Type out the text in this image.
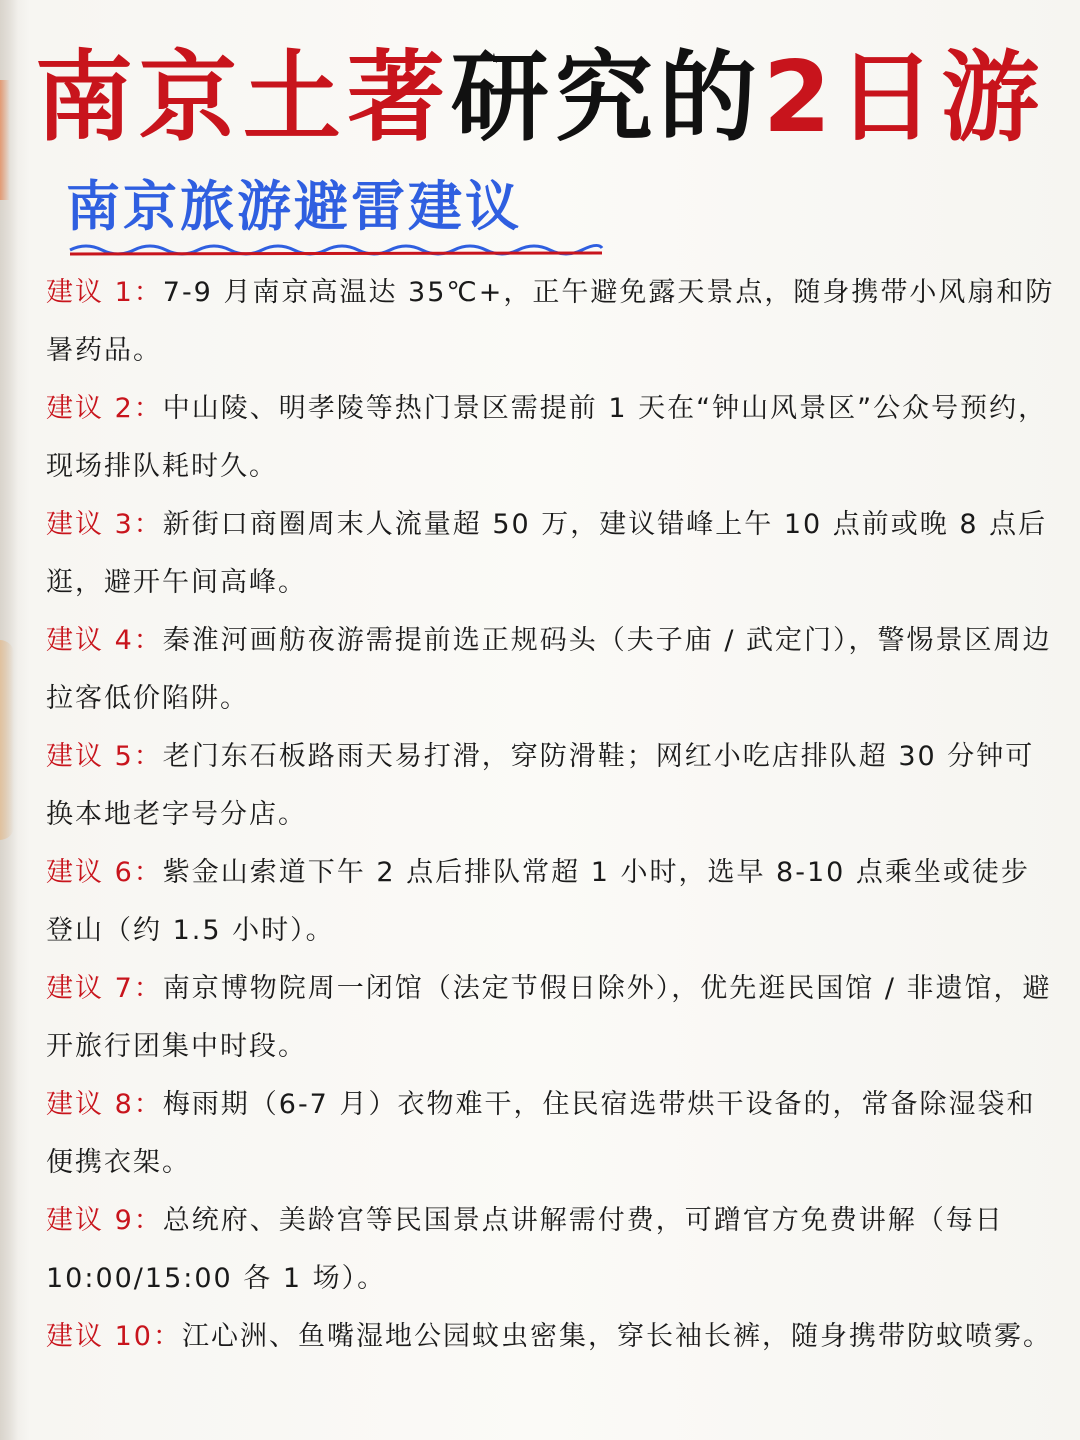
南京土著研究的2日游
南京旅游避雷建议
建议 1：7-9 月南京高温达 35℃+，正午避免露天景点，随身携带小风扇和防暑药品。
建议 2：中山陵、明孝陵等热门景区需提前 1 天在“钟山风景区”公众号预约，现场排队耗时久。
建议 3：新街口商圈周末人流量超 50 万，建议错峰上午 10 点前或晚 8 点后逛，避开午间高峰。
建议 4：秦淮河画舫夜游需提前选正规码头（夫子庙 / 武定门），警惕景区周边拉客低价陷阱。
建议 5：老门东石板路雨天易打滑，穿防滑鞋；网红小吃店排队超 30 分钟可换本地老字号分店。
建议 6：紫金山索道下午 2 点后排队常超 1 小时，选早 8-10 点乘坐或徒步登山（约 1.5 小时）。
建议 7：南京博物院周一闭馆（法定节假日除外），优先逛民国馆 / 非遗馆，避开旅行团集中时段。
建议 8：梅雨期（6-7 月）衣物难干，住民宿选带烘干设备的，常备除湿袋和便携衣架。
建议 9：总统府、美龄宫等民国景点讲解需付费，可蹭官方免费讲解（每日 10:00/15:00 各 1 场）。
建议 10：江心洲、鱼嘴湿地公园蚊虫密集，穿长袖长裤，随身携带防蚊喷雾。
